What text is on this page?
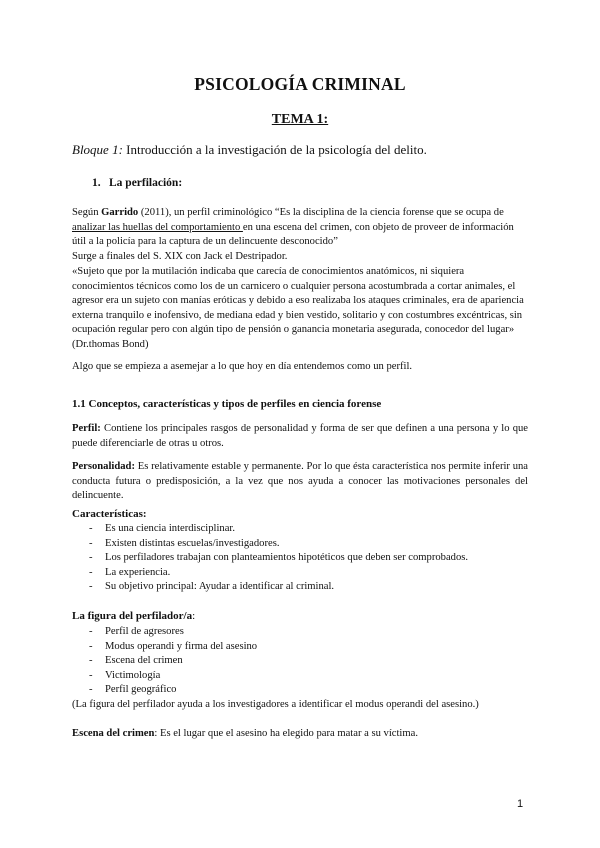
PSICOLOGÍA CRIMINAL
TEMA 1:
Bloque 1: Introducción a la investigación de la psicología del delito.
1. La perfilación:
Según Garrido (2011), un perfil criminológico “Es la disciplina de la ciencia forense que se ocupa de analizar las huellas del comportamiento en una escena del crimen, con objeto de proveer de información útil a la policía para la captura de un delincuente desconocido”
Surge a finales del S. XIX con Jack el Destripador.
«Sujeto que por la mutilación indicaba que carecía de conocimientos anatómicos, ni siquiera conocimientos técnicos como los de un carnicero o cualquier persona acostumbrada a cortar animales, el agresor era un sujeto con manías eróticas y debido a eso realizaba los ataques criminales, era de apariencia externa tranquilo e inofensivo, de mediana edad y bien vestido, solitario y con costumbres excéntricas, sin ocupación regular pero con algún tipo de pensión o ganancia monetaria asegurada, conocedor del lugar» (Dr.thomas Bond)
Algo que se empieza a asemejar a lo que hoy en día entendemos como un perfil.
1.1 Conceptos, características y tipos de perfiles en ciencia forense
Perfil: Contiene los principales rasgos de personalidad y forma de ser que definen a una persona y lo que puede diferenciarle de otras u otros.
Personalidad: Es relativamente estable y permanente. Por lo que ésta característica nos permite inferir una conducta futura o predisposición, a la vez que nos ayuda a conocer las motivaciones personales del delincuente.
Características:
- Es una ciencia interdisciplinar.
- Existen distintas escuelas/investigadores.
- Los perfiladores trabajan con planteamientos hipotéticos que deben ser comprobados.
- La experiencia.
- Su objetivo principal: Ayudar a identificar al criminal.
La figura del perfilador/a:
- Perfil de agresores
- Modus operandi y firma del asesino
- Escena del crimen
- Victimología
- Perfil geográfico
(La figura del perfilador ayuda a los investigadores a identificar el modus operandi del asesino.)
Escena del crimen: Es el lugar que el asesino ha elegido para matar a su víctima.
1
